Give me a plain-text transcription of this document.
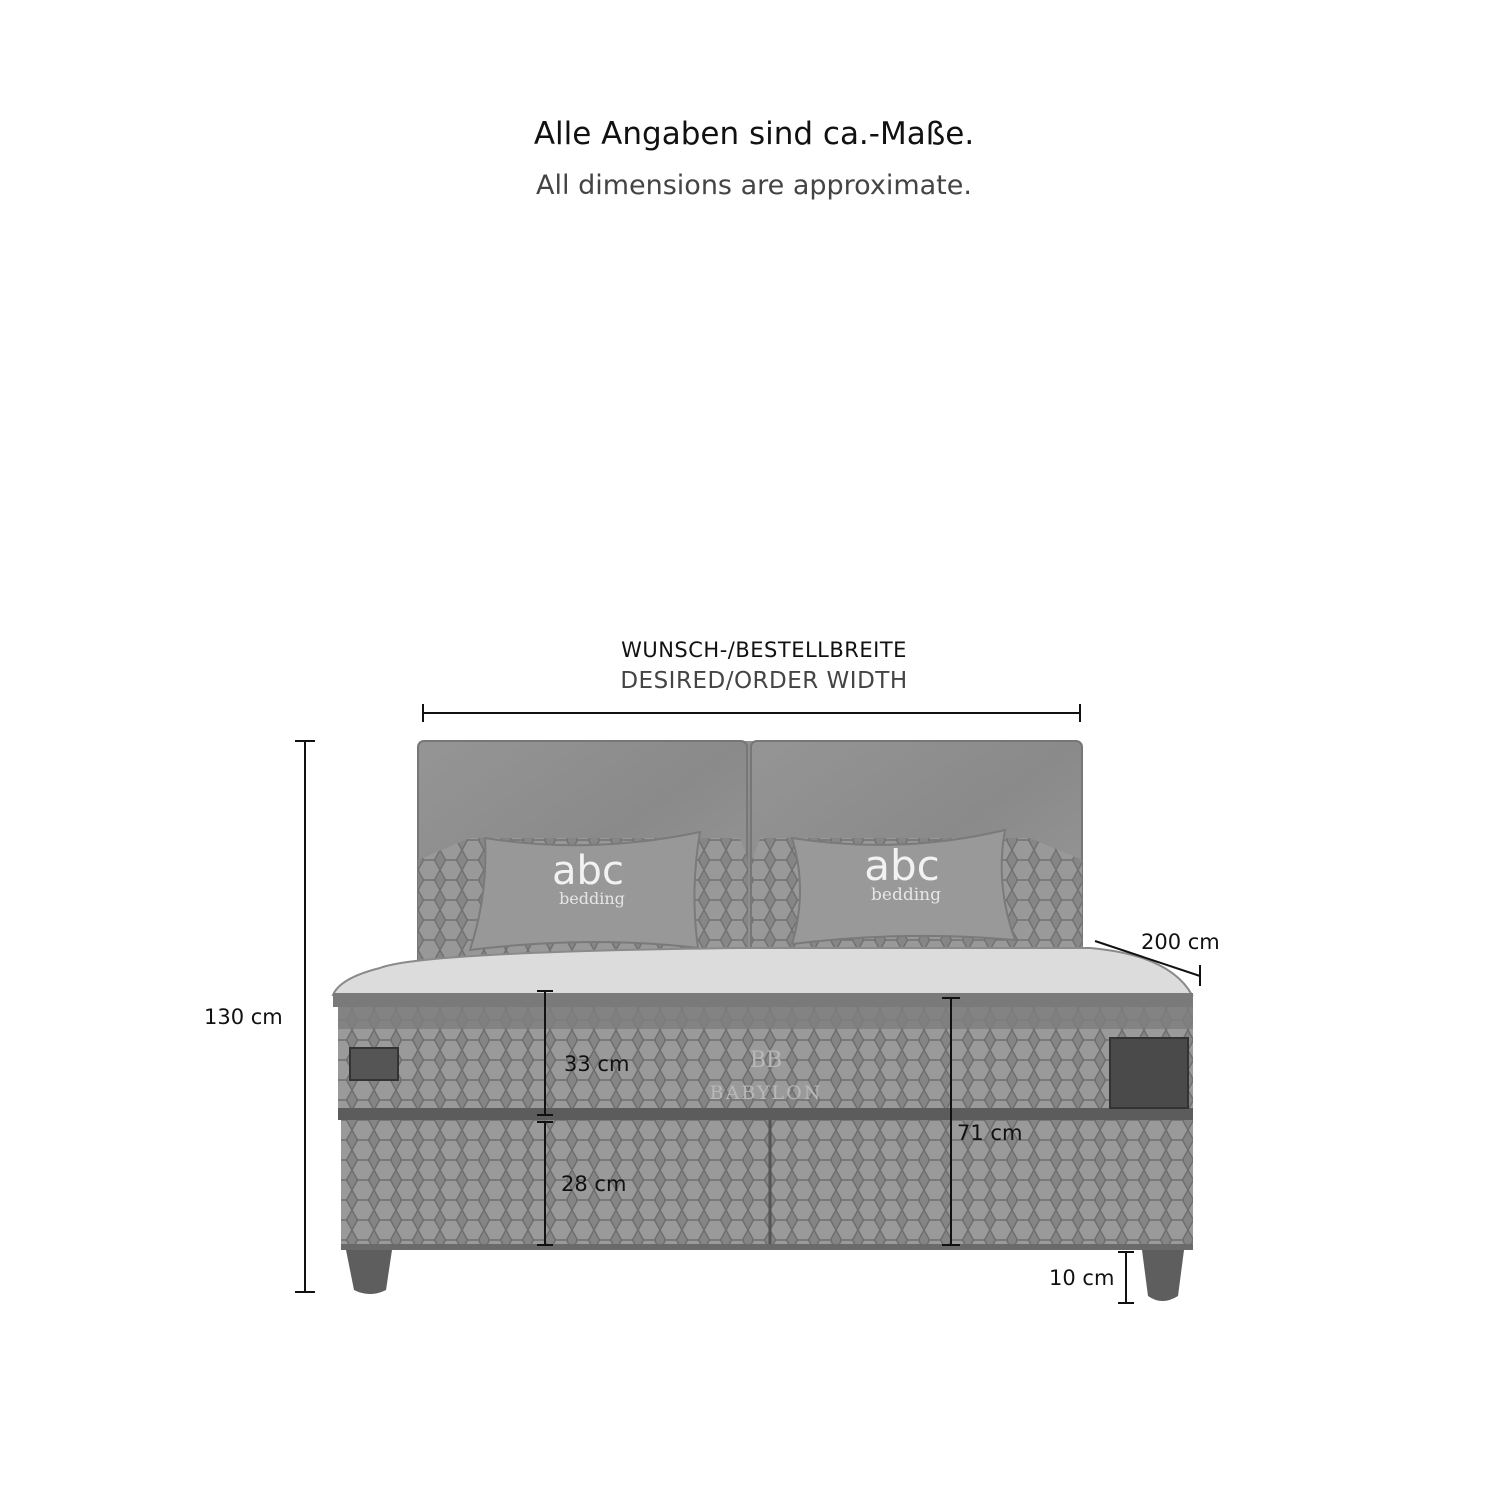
Alle Angaben sind ca.-Maße.
All dimensions are approximate.
WUNSCH-/BESTELLBREITE
DESIRED/ORDER WIDTH
abc
bedding
abc
bedding
BB
BABYLON
130 cm
200 cm
33 cm
28 cm
71 cm
10 cm
